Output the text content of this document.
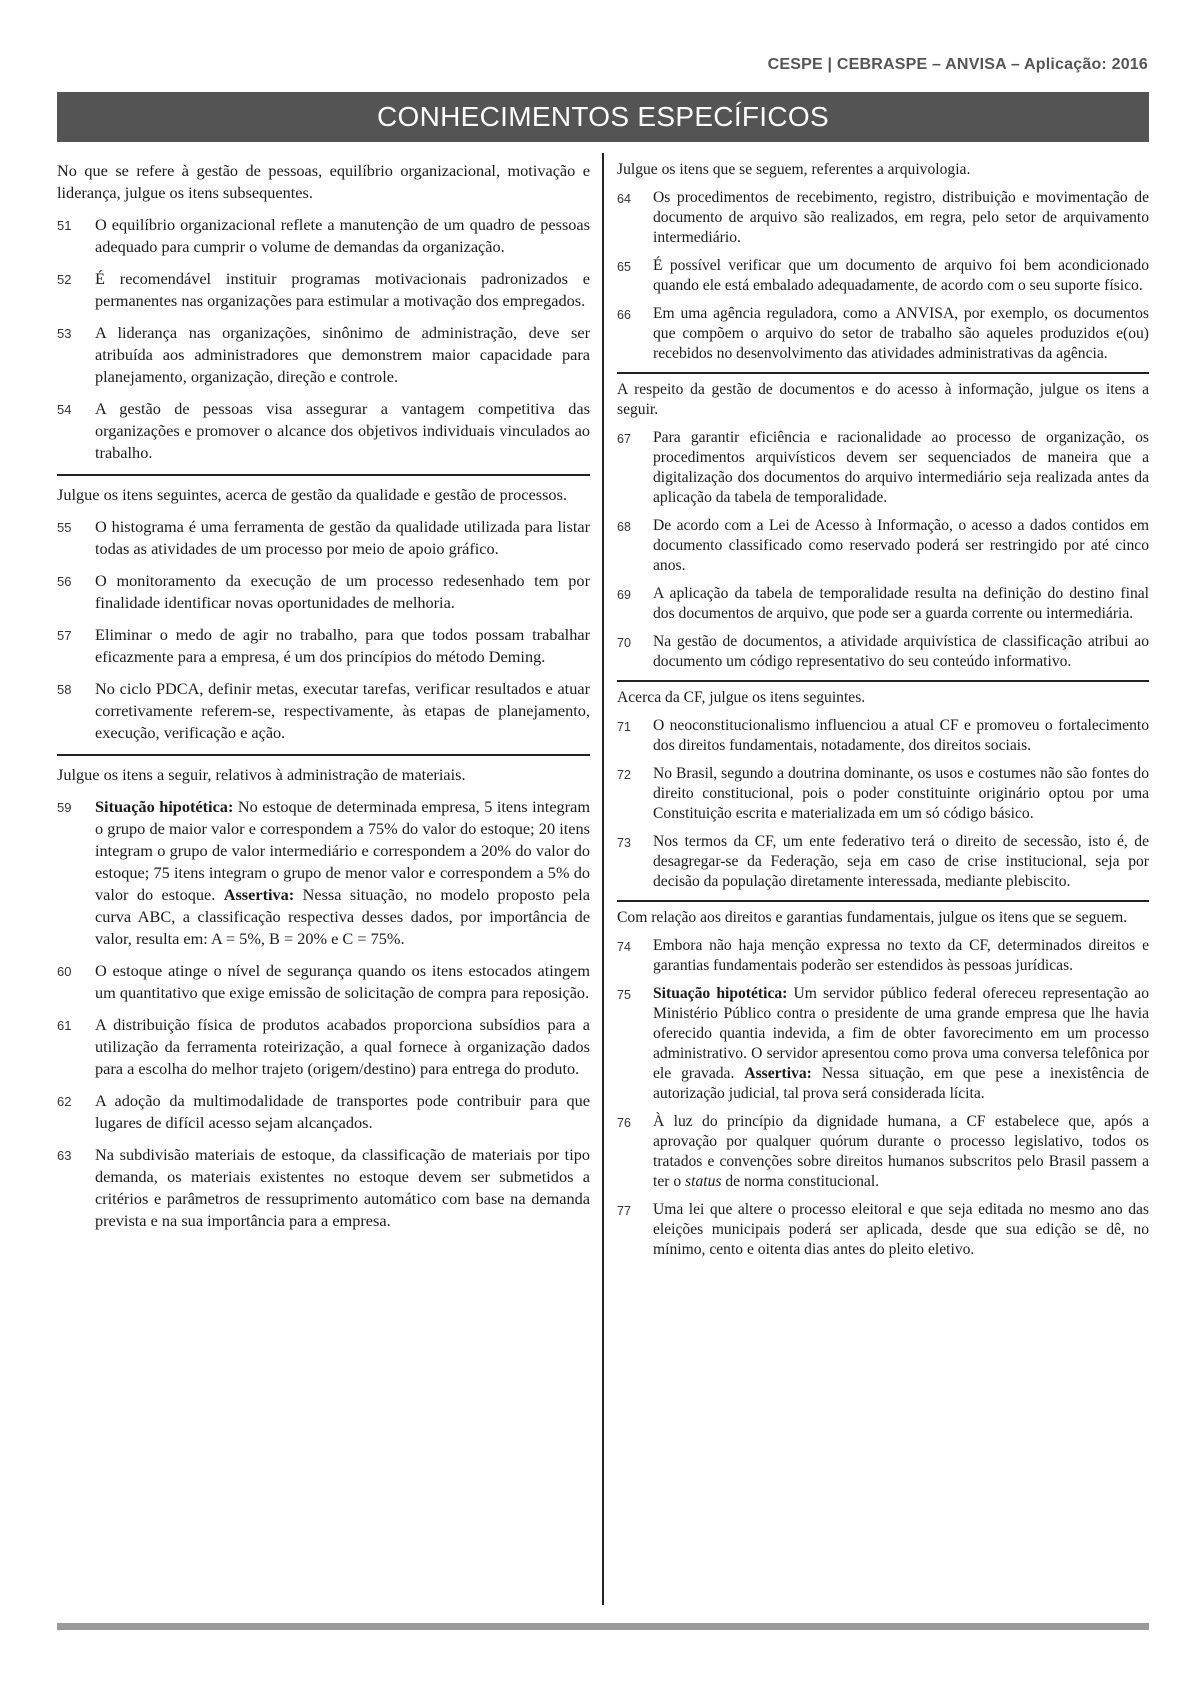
CESPE | CEBRASPE – ANVISA – Aplicação: 2016
CONHECIMENTOS ESPECÍFICOS

No que se refere à gestão de pessoas, equilíbrio organizacional, motivação e liderança, julgue os itens subsequentes.

51	O equilíbrio organizacional reflete a manutenção de um quadro de pessoas adequado para cumprir o volume de demandas da organização.
52	É recomendável instituir programas motivacionais padronizados e permanentes nas organizações para estimular a motivação dos empregados.
53	A liderança nas organizações, sinônimo de administração, deve ser atribuída aos administradores que demonstrem maior capacidade para planejamento, organização, direção e controle.
54	A gestão de pessoas visa assegurar a vantagem competitiva das organizações e promover o alcance dos objetivos individuais vinculados ao trabalho.

Julgue os itens seguintes, acerca de gestão da qualidade e gestão de processos.

55	O histograma é uma ferramenta de gestão da qualidade utilizada para listar todas as atividades de um processo por meio de apoio gráfico.
56	O monitoramento da execução de um processo redesenhado tem por finalidade identificar novas oportunidades de melhoria.
57	Eliminar o medo de agir no trabalho, para que todos possam trabalhar eficazmente para a empresa, é um dos princípios do método Deming.
58	No ciclo PDCA, definir metas, executar tarefas, verificar resultados e atuar corretivamente referem-se, respectivamente, às etapas de planejamento, execução, verificação e ação.

Julgue os itens a seguir, relativos à administração de materiais.

59	Situação hipotética: No estoque de determinada empresa, 5 itens integram o grupo de maior valor e correspondem a 75% do valor do estoque; 20 itens integram o grupo de valor intermediário e correspondem a 20% do valor do estoque; 75 itens integram o grupo de menor valor e correspondem a 5% do valor do estoque. Assertiva: Nessa situação, no modelo proposto pela curva ABC, a classificação respectiva desses dados, por importância de valor, resulta em: A = 5%, B = 20% e C = 75%.
60	O estoque atinge o nível de segurança quando os itens estocados atingem um quantitativo que exige emissão de solicitação de compra para reposição.
61	A distribuição física de produtos acabados proporciona subsídios para a utilização da ferramenta roteirização, a qual fornece à organização dados para a escolha do melhor trajeto (origem/destino) para entrega do produto.
62	A adoção da multimodalidade de transportes pode contribuir para que lugares de difícil acesso sejam alcançados.
63	Na subdivisão materiais de estoque, da classificação de materiais por tipo demanda, os materiais existentes no estoque devem ser submetidos a critérios e parâmetros de ressuprimento automático com base na demanda prevista e na sua importância para a empresa.

Julgue os itens que se seguem, referentes a arquivologia.

64	Os procedimentos de recebimento, registro, distribuição e movimentação de documento de arquivo são realizados, em regra, pelo setor de arquivamento intermediário.
65	É possível verificar que um documento de arquivo foi bem acondicionado quando ele está embalado adequadamente, de acordo com o seu suporte físico.
66	Em uma agência reguladora, como a ANVISA, por exemplo, os documentos que compõem o arquivo do setor de trabalho são aqueles produzidos e(ou) recebidos no desenvolvimento das atividades administrativas da agência.

A respeito da gestão de documentos e do acesso à informação, julgue os itens a seguir.

67	Para garantir eficiência e racionalidade ao processo de organização, os procedimentos arquivísticos devem ser sequenciados de maneira que a digitalização dos documentos do arquivo intermediário seja realizada antes da aplicação da tabela de temporalidade.
68	De acordo com a Lei de Acesso à Informação, o acesso a dados contidos em documento classificado como reservado poderá ser restringido por até cinco anos.
69	A aplicação da tabela de temporalidade resulta na definição do destino final dos documentos de arquivo, que pode ser a guarda corrente ou intermediária.
70	Na gestão de documentos, a atividade arquivística de classificação atribui ao documento um código representativo do seu conteúdo informativo.

Acerca da CF, julgue os itens seguintes.

71	O neoconstitucionalismo influenciou a atual CF e promoveu o fortalecimento dos direitos fundamentais, notadamente, dos direitos sociais.
72	No Brasil, segundo a doutrina dominante, os usos e costumes não são fontes do direito constitucional, pois o poder constituinte originário optou por uma Constituição escrita e materializada em um só código básico.
73	Nos termos da CF, um ente federativo terá o direito de secessão, isto é, de desagregar-se da Federação, seja em caso de crise institucional, seja por decisão da população diretamente interessada, mediante plebiscito.

Com relação aos direitos e garantias fundamentais, julgue os itens que se seguem.

74	Embora não haja menção expressa no texto da CF, determinados direitos e garantias fundamentais poderão ser estendidos às pessoas jurídicas.
75	Situação hipotética: Um servidor público federal ofereceu representação ao Ministério Público contra o presidente de uma grande empresa que lhe havia oferecido quantia indevida, a fim de obter favorecimento em um processo administrativo. O servidor apresentou como prova uma conversa telefônica por ele gravada. Assertiva: Nessa situação, em que pese a inexistência de autorização judicial, tal prova será considerada lícita.
76	À luz do princípio da dignidade humana, a CF estabelece que, após a aprovação por qualquer quórum durante o processo legislativo, todos os tratados e convenções sobre direitos humanos subscritos pelo Brasil passem a ter o status de norma constitucional.
77	Uma lei que altere o processo eleitoral e que seja editada no mesmo ano das eleições municipais poderá ser aplicada, desde que sua edição se dê, no mínimo, cento e oitenta dias antes do pleito eletivo.
